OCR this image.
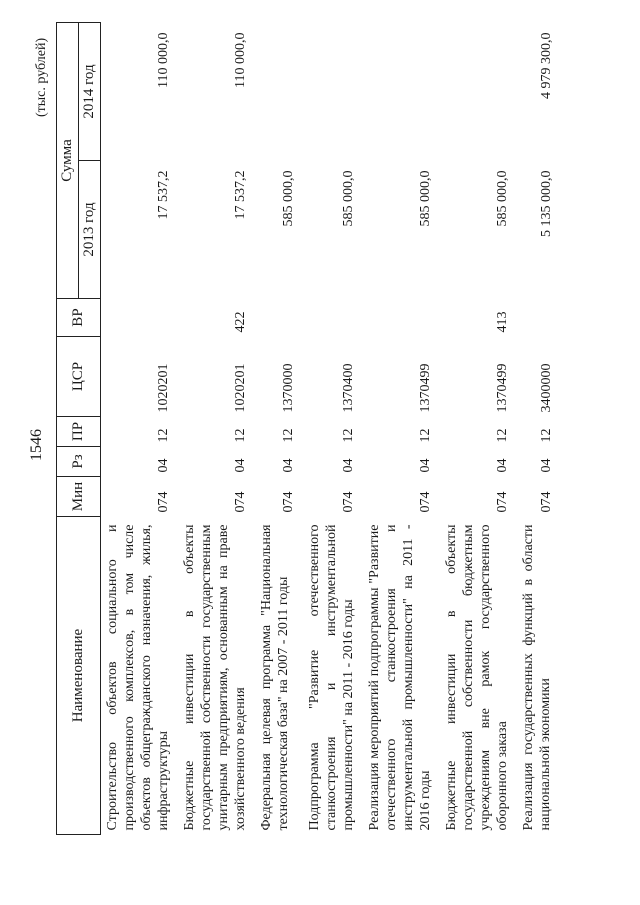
1546
(тыс. рублей)
Наименование	Мин	Рз	ПР	ЦСР	ВР	Сумма	
						2013 год	2014 год
Строительство объектов социального и производственного комплексов, в том числе объектов общегражданского назначения, жилья, инфраструктуры	074	04	12	1020201		17 537,2	110 000,0
Бюджетные инвестиции в объекты государственной собственности государственным унитарным предприятиям, основанным на праве хозяйственного ведения	074	04	12	1020201	422	17 537,2	110 000,0
Федеральная целевая программа "Национальная технологическая база" на 2007 - 2011 годы	074	04	12	1370000		585 000,0	
Подпрограмма "Развитие отечественного станкостроения и инструментальной промышленности" на 2011 - 2016 годы	074	04	12	1370400		585 000,0	
Реализация мероприятий подпрограммы "Развитие отечественного станкостроения и инструментальной промышленности" на 2011 - 2016 годы	074	04	12	1370499		585 000,0	
Бюджетные инвестиции в объекты государственной собственности бюджетным учреждениям вне рамок государственного оборонного заказа	074	04	12	1370499	413	585 000,0	
Реализация государственных функций в области национальной экономики	074	04	12	3400000		5 135 000,0	4 979 300,0
